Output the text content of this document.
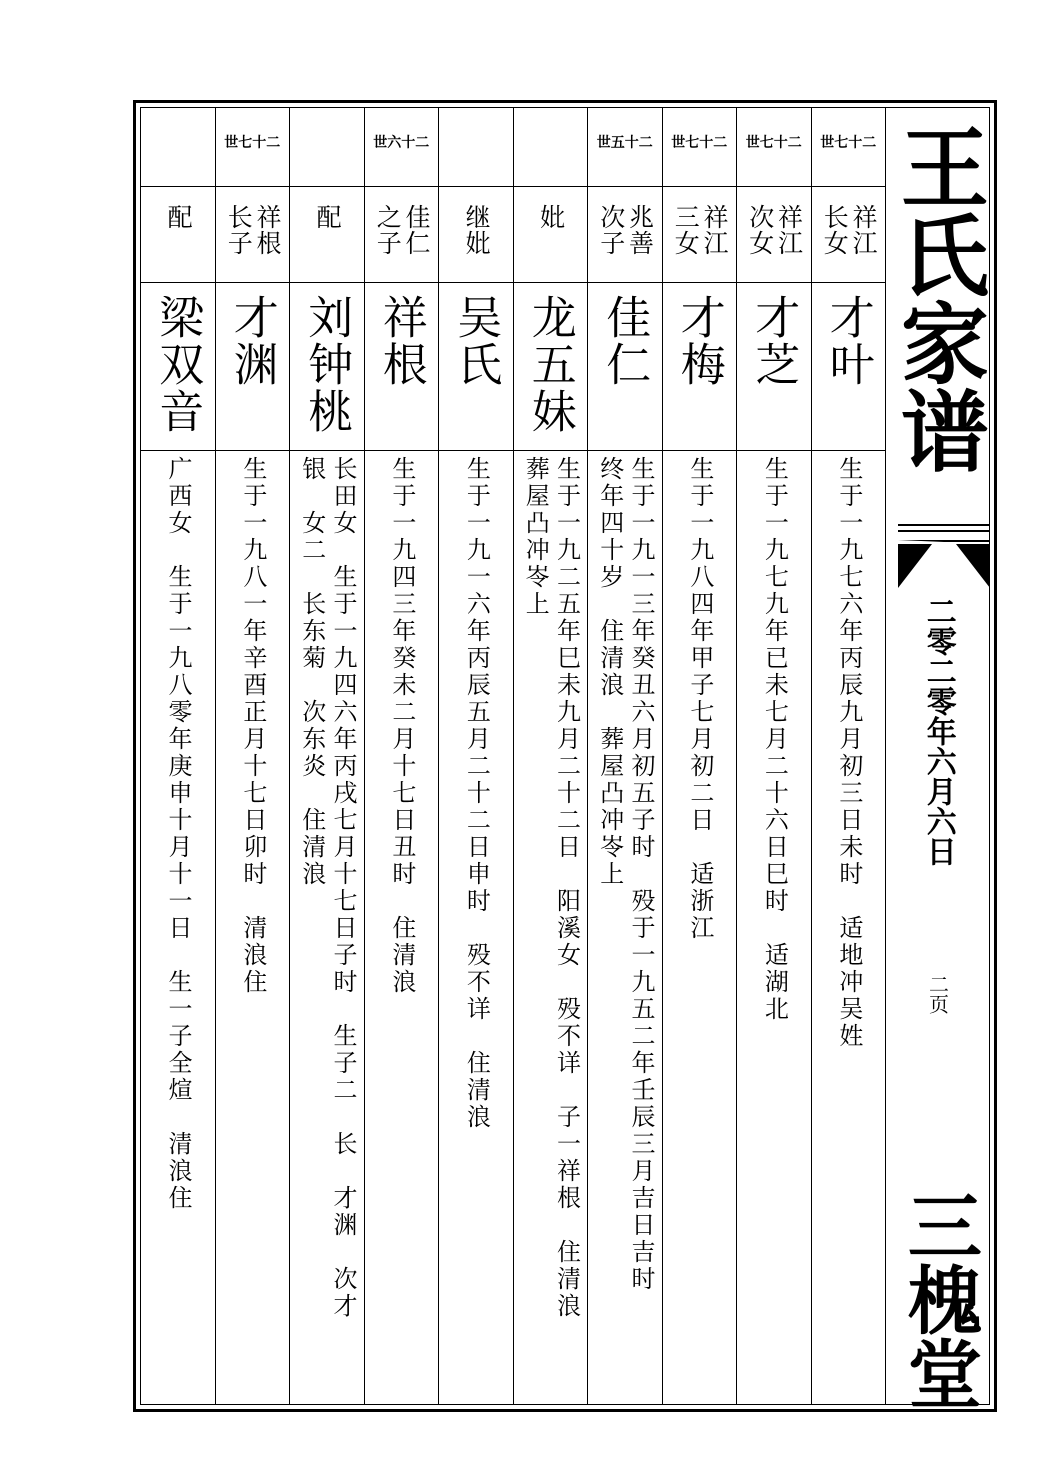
配
梁双音
广西女　生于一九八零年庚申十月十一日　生一子全煊　清浪住
世七十二
祥根长子
才渊
生于一九八一年辛酉正月十七日卯时　清浪住
配
刘钟桃
长田女　生于一九四六年丙戌七月十七日子时　生子二　长　才渊　次才银　女二　长东菊　次东炎　住清浪
世六十二
佳仁之子
祥根
生于一九四三年癸未二月十七日丑时　住清浪
继妣
吴氏
生于一九一六年丙辰五月二十二日申时　殁不详　住清浪
妣
龙五妹
生于一九二五年巳未九月二十二日　阳溪女　殁不详　子一祥根　住清浪　葬屋凸冲岺上
世五十二
兆善次子
佳仁
生于一九一三年癸丑六月初五子时　殁于一九五二年壬辰三月吉日吉时　终年四十岁　住清浪　葬屋凸冲岺上
世七十二
祥江三女
才梅
生于一九八四年甲子七月初二日　适浙江
世七十二
祥江次女
才芝
生于一九七九年已未七月二十六日巳时　适湖北
世七十二
祥江长女
才叶
生于一九七六年丙辰九月初三日未时　适地冲吴姓
王氏家谱
二零二零年六月六日
二页
三槐堂
